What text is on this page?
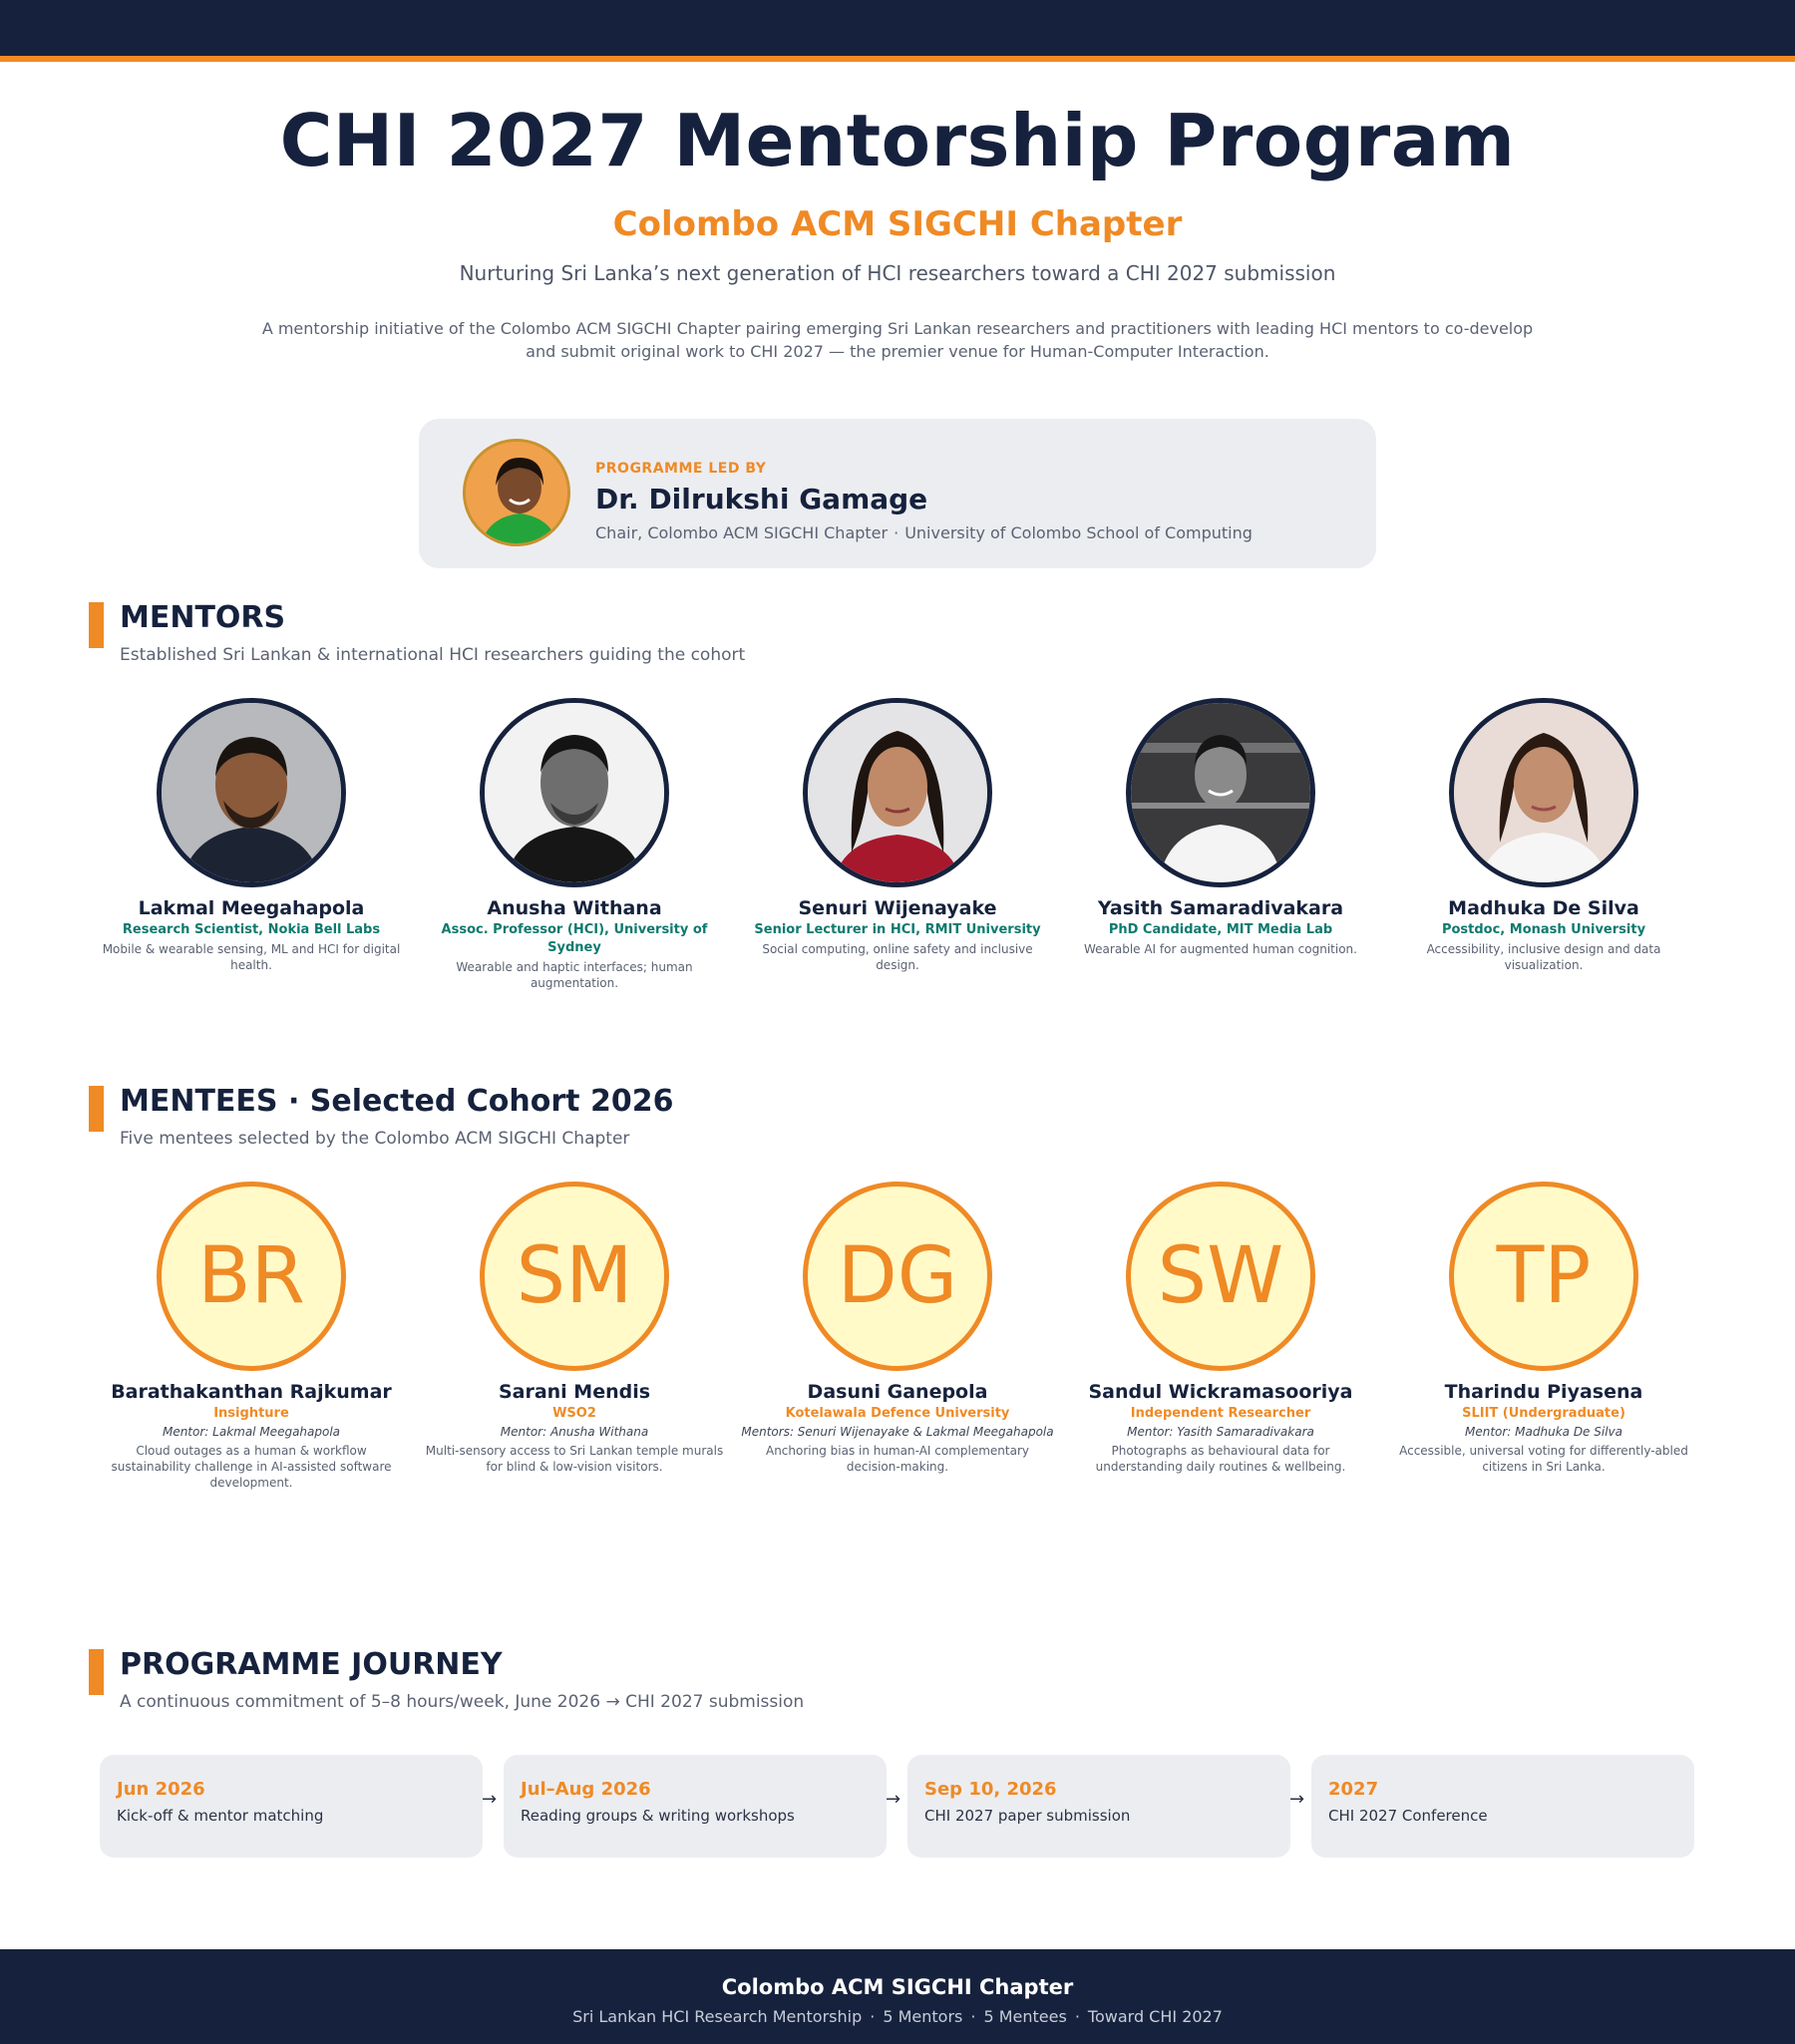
CHI 2027 Mentorship Program
Colombo ACM SIGCHI Chapter
Nurturing Sri Lanka’s next generation of HCI researchers toward a CHI 2027 submission
A mentorship initiative of the Colombo ACM SIGCHI Chapter pairing emerging Sri Lankan researchers and practitioners with leading HCI mentors to co-develop and submit original work to CHI 2027 — the premier venue for Human-Computer Interaction.
PROGRAMME LED BY
Dr. Dilrukshi Gamage
Chair, Colombo ACM SIGCHI Chapter · University of Colombo School of Computing
MENTORS
Established Sri Lankan & international HCI researchers guiding the cohort
Lakmal Meegahapola
Research Scientist, Nokia Bell Labs
Mobile & wearable sensing, ML and HCI for digital health.
Anusha Withana
Assoc. Professor (HCI), University of Sydney
Wearable and haptic interfaces; human augmentation.
Senuri Wijenayake
Senior Lecturer in HCI, RMIT University
Social computing, online safety and inclusive design.
Yasith Samaradivakara
PhD Candidate, MIT Media Lab
Wearable AI for augmented human cognition.
Madhuka De Silva
Postdoc, Monash University
Accessibility, inclusive design and data visualization.
MENTEES · Selected Cohort 2026
Five mentees selected by the Colombo ACM SIGCHI Chapter
BR
Barathakanthan Rajkumar
Insighture
Mentor: Lakmal Meegahapola
Cloud outages as a human & workflow sustainability challenge in AI-assisted software development.
SM
Sarani Mendis
WSO2
Mentor: Anusha Withana
Multi-sensory access to Sri Lankan temple murals for blind & low-vision visitors.
DG
Dasuni Ganepola
Kotelawala Defence University
Mentors: Senuri Wijenayake & Lakmal Meegahapola
Anchoring bias in human-AI complementary decision-making.
SW
Sandul Wickramasooriya
Independent Researcher
Mentor: Yasith Samaradivakara
Photographs as behavioural data for understanding daily routines & wellbeing.
TP
Tharindu Piyasena
SLIIT (Undergraduate)
Mentor: Madhuka De Silva
Accessible, universal voting for differently-abled citizens in Sri Lanka.
PROGRAMME JOURNEY
A continuous commitment of 5–8 hours/week, June 2026 → CHI 2027 submission
Jun 2026
Kick-off & mentor matching
→ Jul–Aug 2026
Reading groups & writing workshops
→ Sep 10, 2026
CHI 2027 paper submission
→ 2027
CHI 2027 Conference
Colombo ACM SIGCHI Chapter
Sri Lankan HCI Research Mentorship · 5 Mentors · 5 Mentees · Toward CHI 2027
